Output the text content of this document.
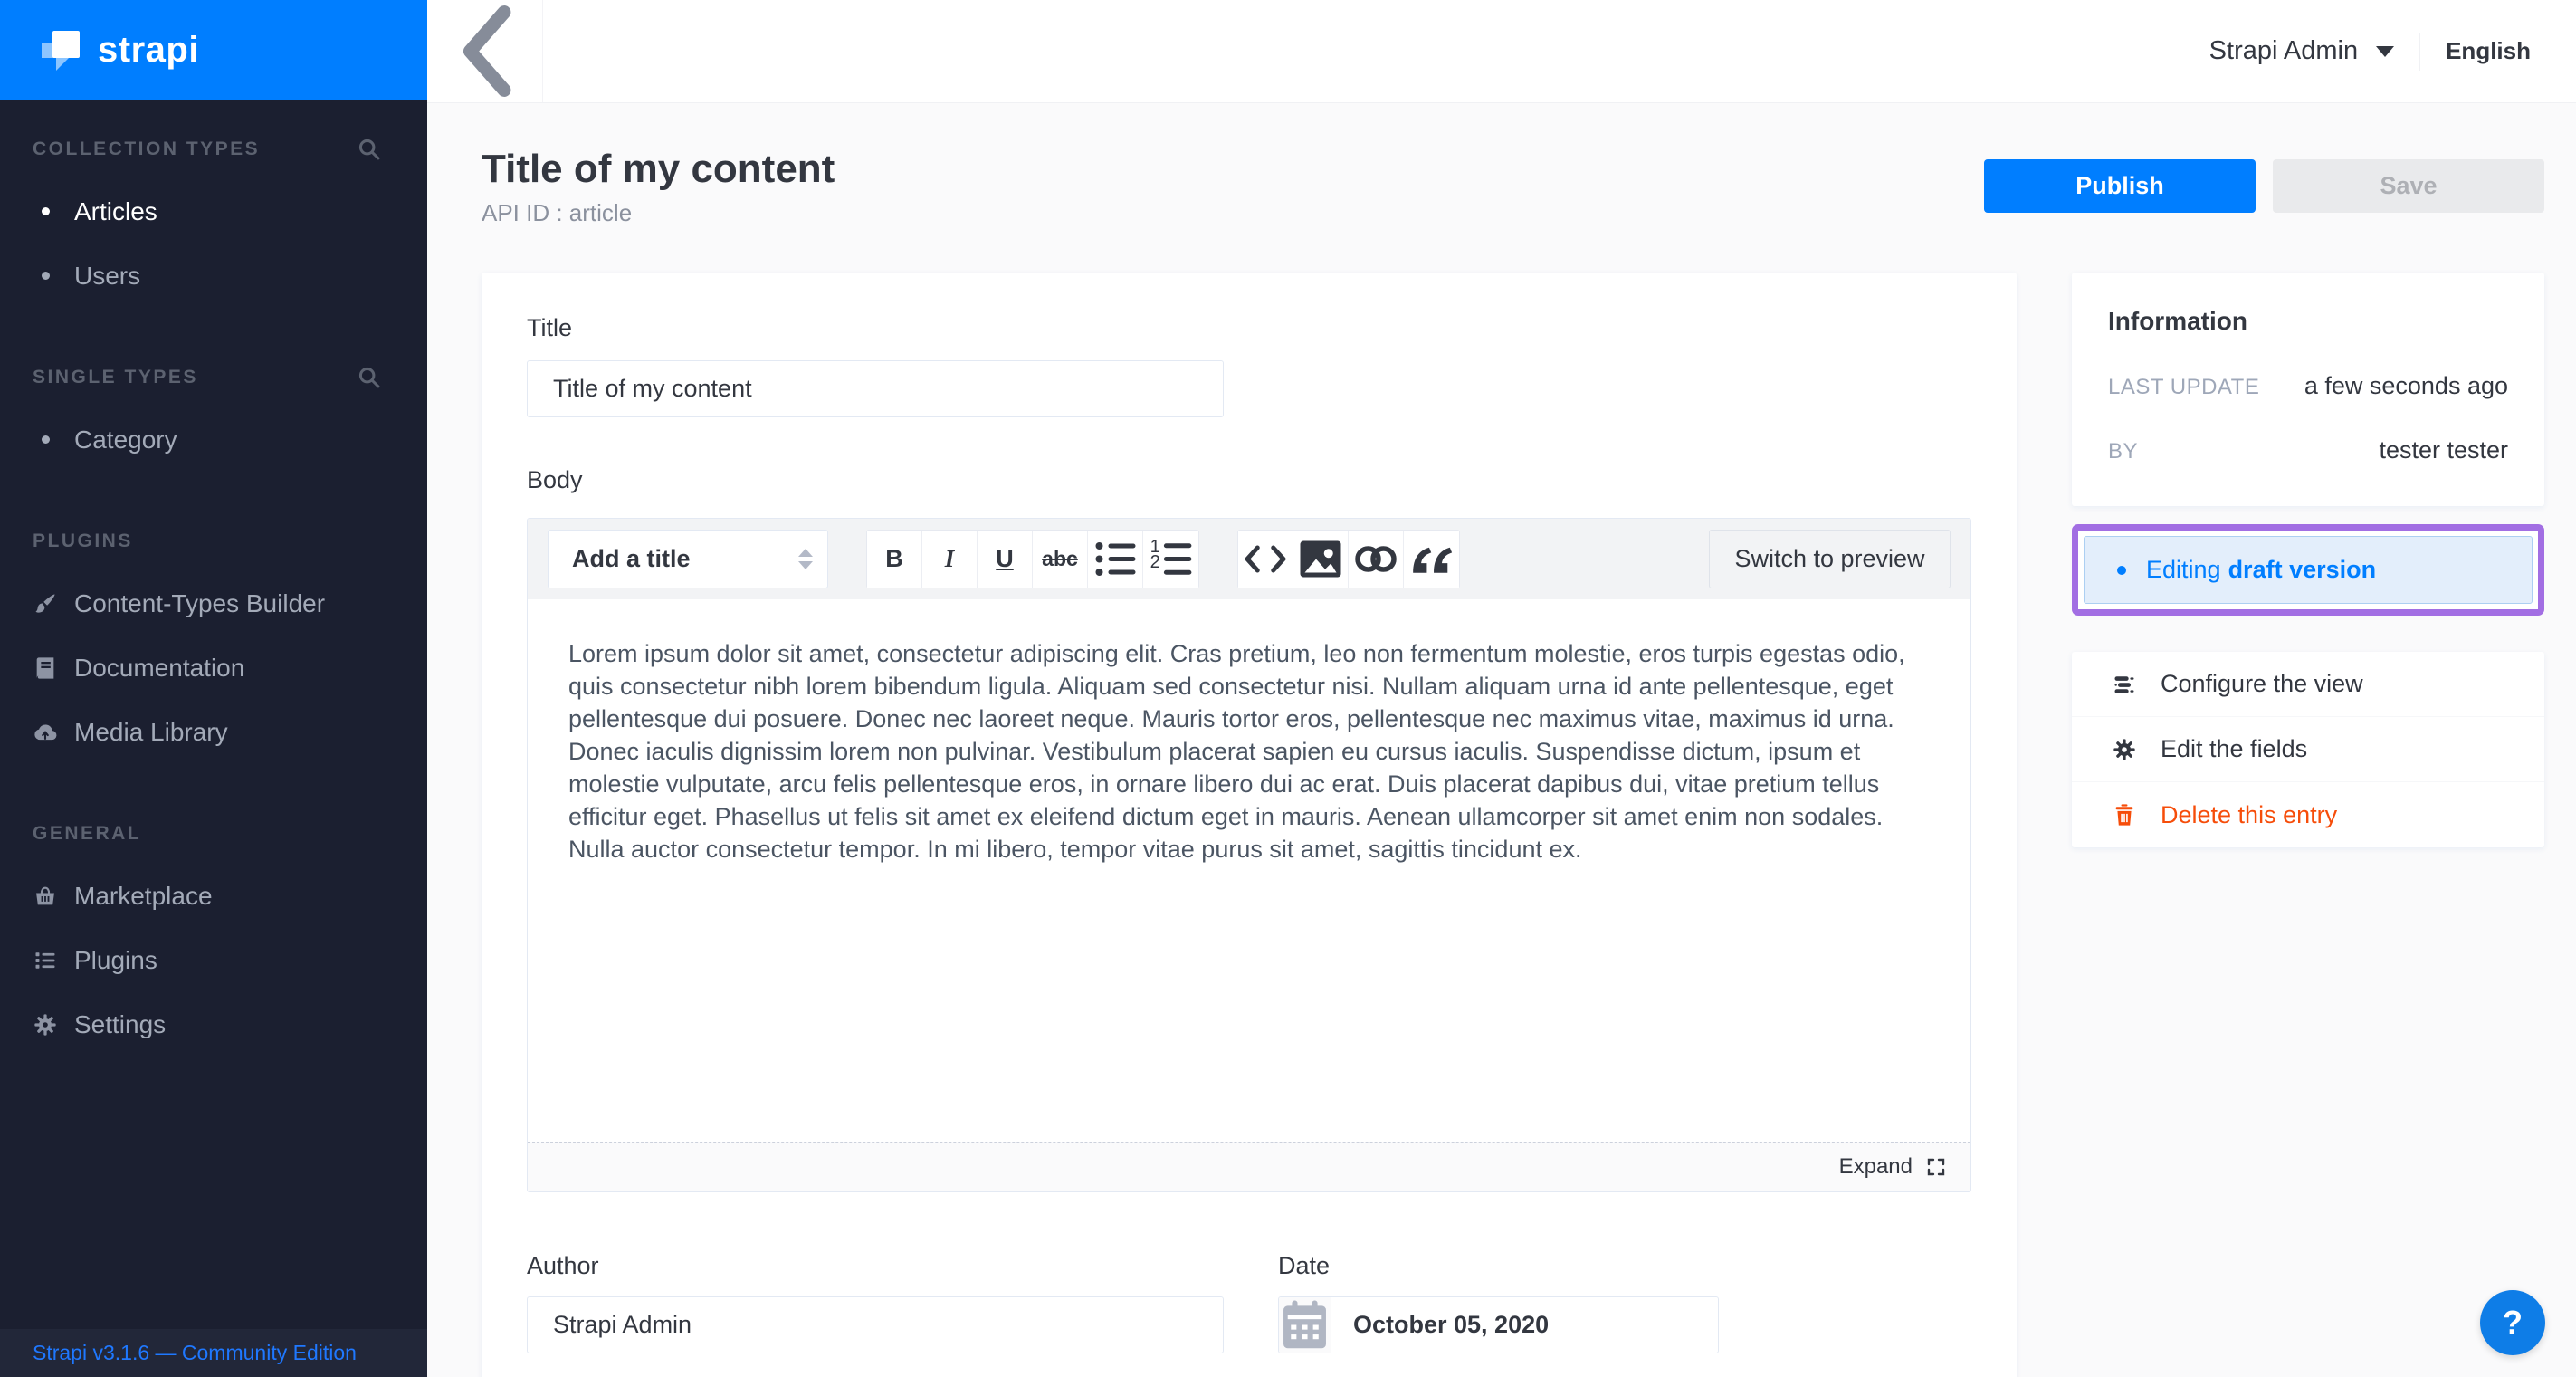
strapi
COLLECTION TYPES
Articles
Users
SINGLE TYPES
Category
PLUGINS
Content-Types Builder
Documentation
Media Library
GENERAL
Marketplace
Plugins
Settings
Strapi v3.1.6 — Community Edition
Strapi Admin	English
Title of my content
API ID : article
Publish	Save
Title
Title of my content
Body
Add a title	B	I	U	abc
1
2	Switch to preview

Lorem ipsum dolor sit amet, consectetur adipiscing elit. Cras pretium, leo non fermentum molestie, eros turpis egestas odio, quis consectetur nibh lorem bibendum ligula. Aliquam sed consectetur nisi. Nullam aliquam urna id ante pellentesque, eget pellentesque dui posuere. Donec nec laoreet neque. Mauris tortor eros, pellentesque nec maximus vitae, maximus id urna. Donec iaculis dignissim lorem non pulvinar. Vestibulum placerat sapien eu cursus iaculis. Suspendisse dictum, ipsum et molestie vulputate, arcu felis pellentesque eros, in ornare libero dui ac erat. Duis placerat dapibus dui, vitae pretium tellus efficitur eget. Phasellus ut felis sit amet ex eleifend dictum eget in mauris. Aenean ullamcorper sit amet enim non sodales. Nulla auctor consectetur tempor. In mi libero, tempor vitae purus sit amet, sagittis tincidunt ex.

Expand
Author
Strapi Admin	Date
October 05, 2020
Information
LAST UPDATE a few seconds ago
BY	tester tester
Editing draft version
Configure the view
Edit the fields
Delete this entry
?
